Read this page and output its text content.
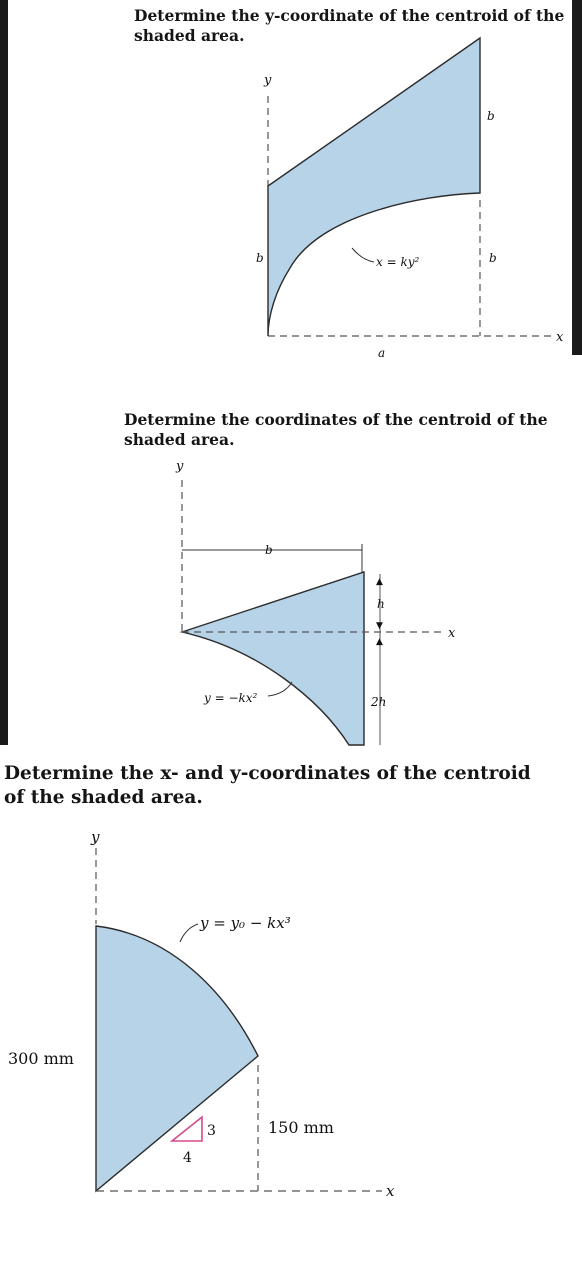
Determine the y-coordinate of the centroid of the
shaded area.
y
x
b
b	b
a
x = ky²
Determine the coordinates of the centroid of the
shaded area.
▲
▼
▲
y
x
b
h
2h
y = −kx²
Determine the x- and y-coordinates of the centroid
of the shaded area.
y
x
y = y₀ − kx³
300 mm
150 mm
3
4
